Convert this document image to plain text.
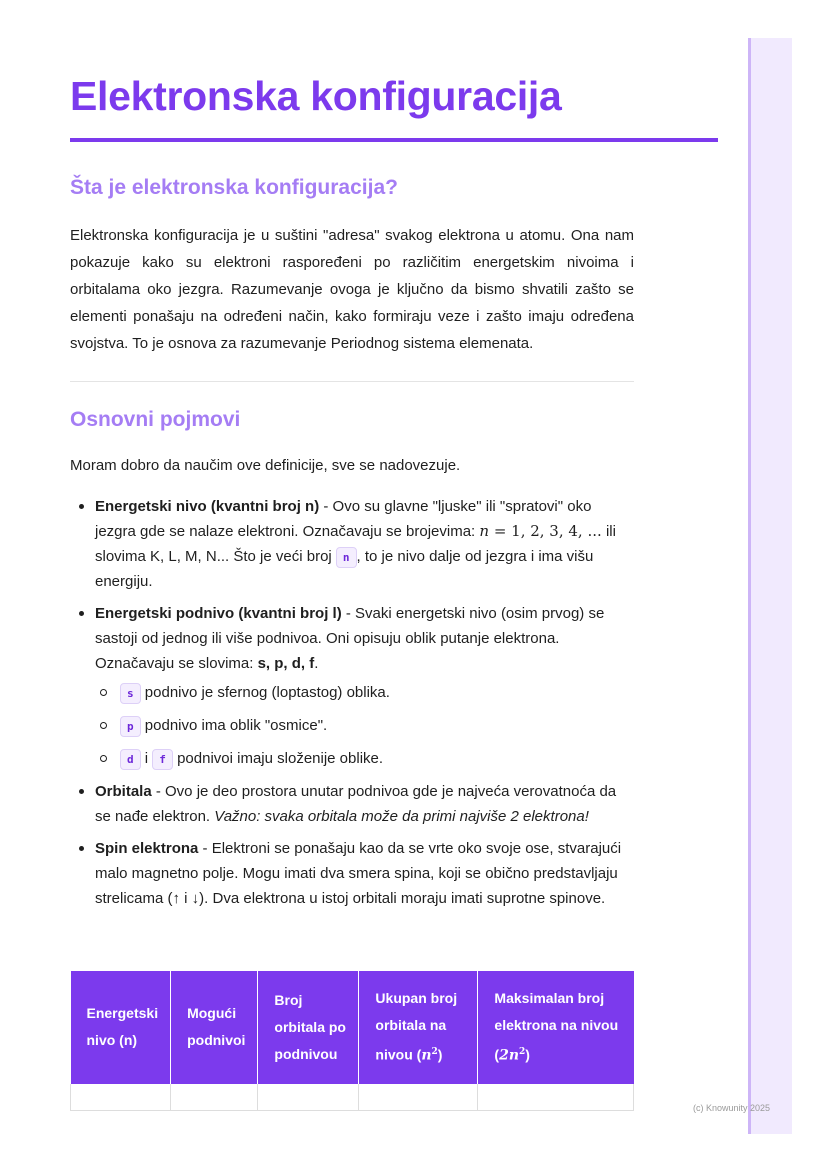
Elektronska konfiguracija
Šta je elektronska konfiguracija?

Elektronska konfiguracija je u suštini "adresa" svakog elektrona u atomu. Ona nam pokazuje kako su elektroni raspoređeni po različitim energetskim nivoima i orbitalama oko jezgra. Razumevanje ovoga je ključno da bismo shvatili zašto se elementi ponašaju na određeni način, kako formiraju veze i zašto imaju određena svojstva. To je osnova za razumevanje Periodnog sistema elemenata.

Osnovni pojmovi

Moram dobro da naučim ove definicije, sve se nadovezuje.

Energetski nivo (kvantni broj n) - Ovo su glavne "ljuske" ili "spratovi" oko jezgra gde se nalaze elektroni. Označavaju se brojevima: n = 1, 2, 3, 4, ... ili slovima K, L, M, N... Što je veći broj n , to je nivo dalje od jezgra i ima višu energiju.
Energetski podnivo (kvantni broj l) - Svaki energetski nivo (osim prvog) se sastoji od jednog ili više podnivoa. Oni opisuju oblik putanje elektrona. Označavaju se slovima: s, p, d, f.
s podnivo je sfernog (loptastog) oblika.
p podnivo ima oblik "osmice".
d i f podnivoi imaju složenije oblike.
Orbitala - Ovo je deo prostora unutar podnivoa gde je najveća verovatnoća da se nađe elektron. Važno: svaka orbitala može da primi najviše 2 elektrona!
Spin elektrona - Elektroni se ponašaju kao da se vrte oko svoje ose, stvarajući malo magnetno polje. Mogu imati dva smera spina, koji se obično predstavljaju strelicama (↑ i ↓). Dva elektrona u istoj orbitali moraju imati suprotne spinove.
Energetski nivo (n)	Mogući podnivoi	Broj orbitala po podnivou	Ukupan broj orbitala na nivou $(n^2)$	Maksimalan broj elektrona na nivou $(2n^2)$

(c) Knowunity 2025
